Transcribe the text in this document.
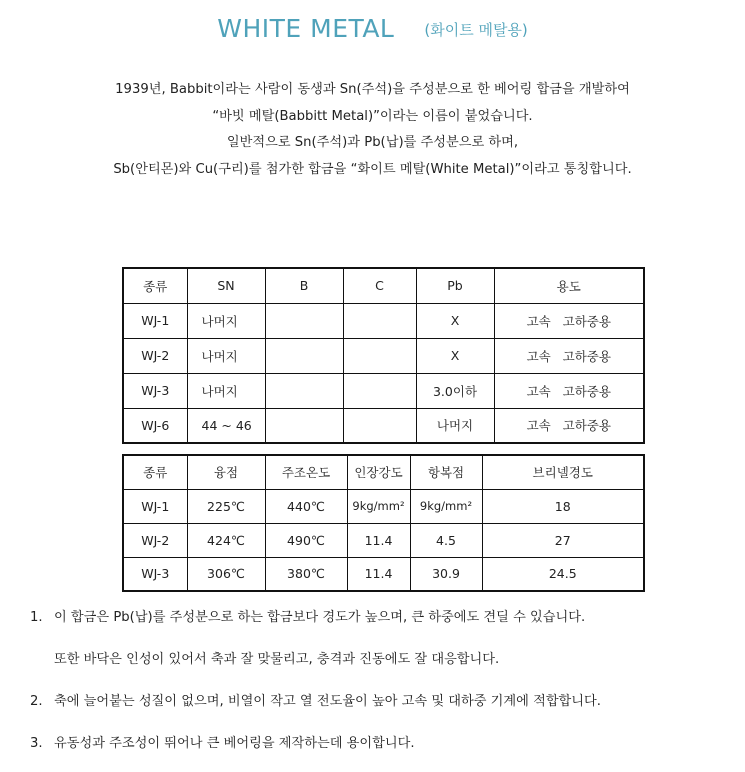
WHITE METAL (화이트 메탈용)
1939년, Babbit이라는 사람이 동생과 Sn(주석)을 주성분으로 한 베어링 합금을 개발하여
“바빗 메탈(Babbitt Metal)”이라는 이름이 붙었습니다.
일반적으로 Sn(주석)과 Pb(납)를 주성분으로 하며,
Sb(안티몬)와 Cu(구리)를 첨가한 합금을 “화이트 메탈(White Metal)”이라고 통칭합니다.
종류	SN	B	C	Pb	용도
WJ-1	나머지			X	고속   고하중용
WJ-2	나머지			X	고속   고하중용
WJ-3	나머지			3.0이하	고속   고하중용
WJ-6	44 ~ 46			나머지	고속   고하중용
종류	융점	주조온도	인장강도	항복점	브리넬경도
WJ-1	225℃	440℃	9kg/mm²	9kg/mm²	18
WJ-2	424℃	490℃	11.4	4.5	27
WJ-3	306℃	380℃	11.4	30.9	24.5
1. 이 합금은 Pb(납)를 주성분으로 하는 합금보다 경도가 높으며, 큰 하중에도 견딜 수 있습니다.
또한 바닥은 인성이 있어서 축과 잘 맞물리고, 충격과 진동에도 잘 대응합니다.
2. 축에 늘어붙는 성질이 없으며, 비열이 작고 열 전도율이 높아 고속 및 대하중 기계에 적합합니다.
3. 유동성과 주조성이 뛰어나 큰 베어링을 제작하는데 용이합니다.
